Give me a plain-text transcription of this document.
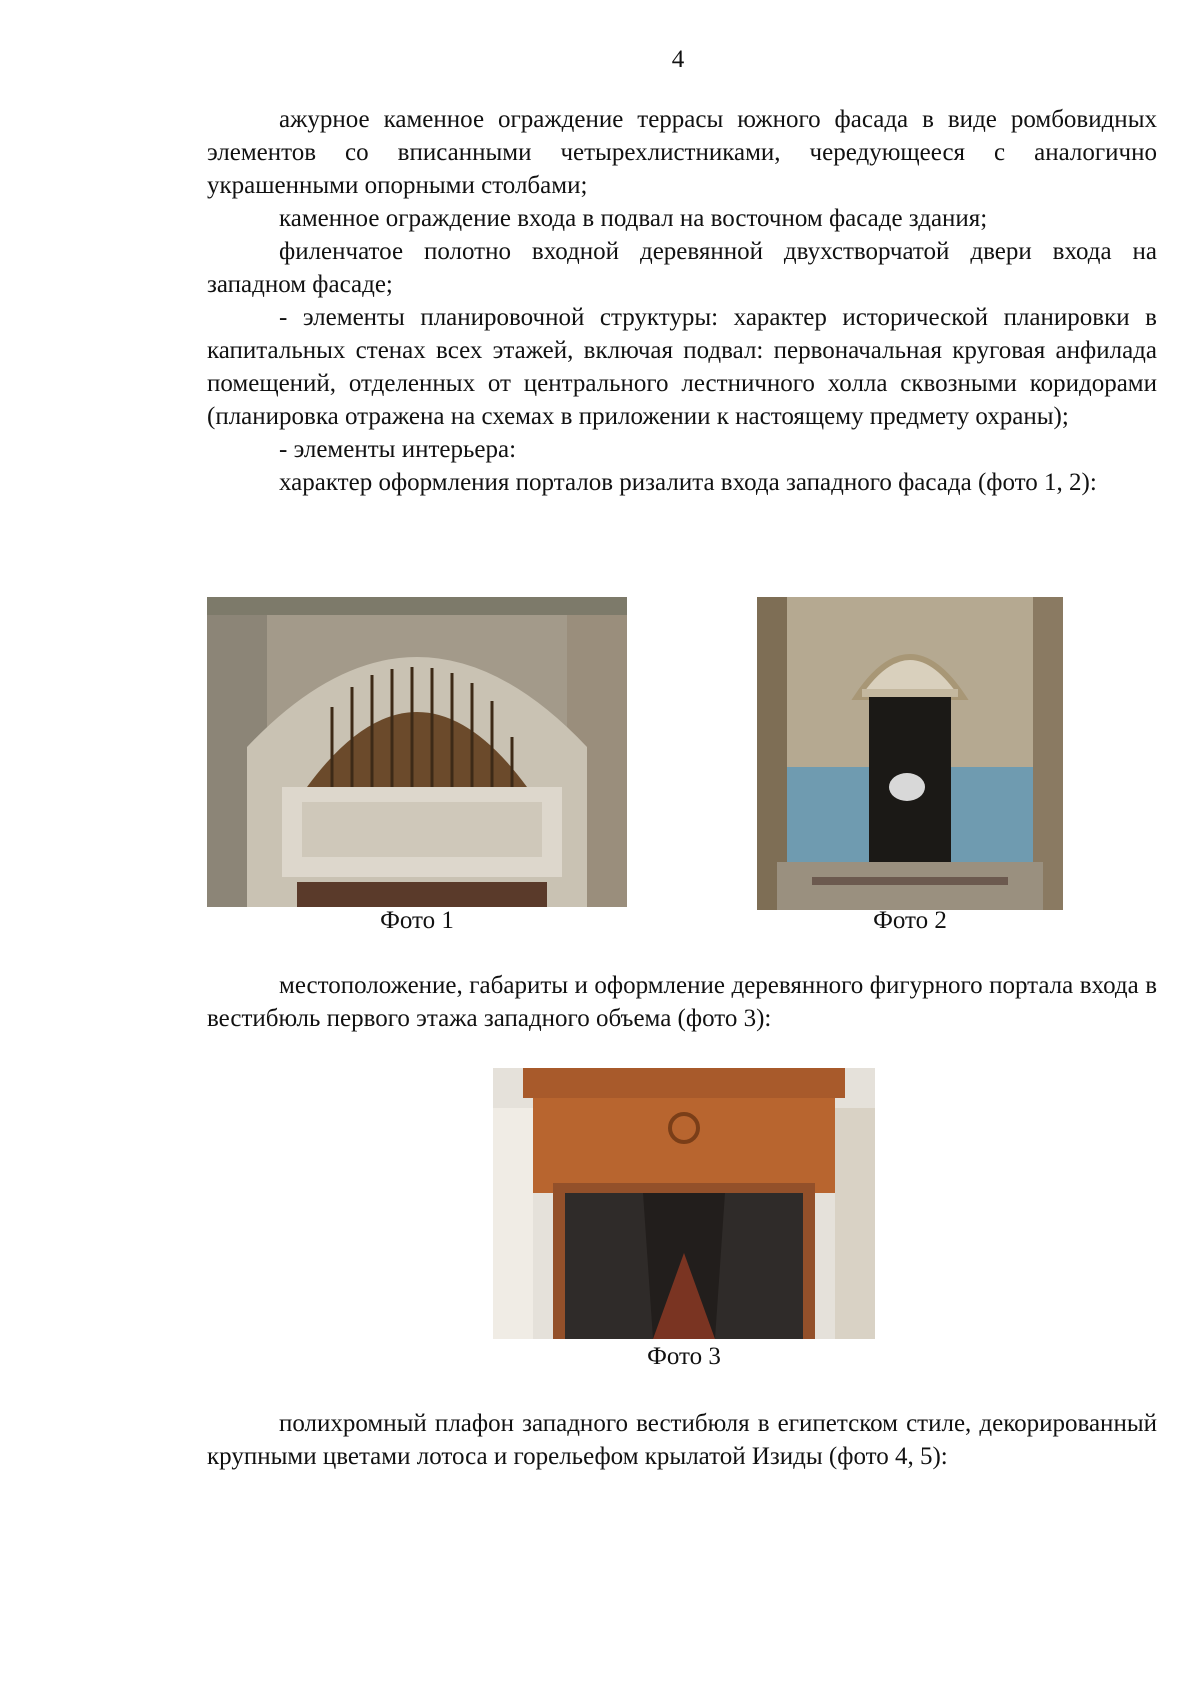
4

ажурное каменное ограждение террасы южного фасада в виде ромбовидных элементов со вписанными четырехлистниками, чередующееся с аналогично украшенными опорными столбами;

каменное ограждение входа в подвал на восточном фасаде здания;

филенчатое полотно входной деревянной двухстворчатой двери входа на западном фасаде;

- элементы планировочной структуры: характер исторической планировки в капитальных стенах всех этажей, включая подвал: первоначальная круговая анфилада помещений, отделенных от центрального лестничного холла сквозными коридорами (планировка отражена на схемах в приложении к настоящему предмету охраны);

- элементы интерьера:

характер оформления порталов ризалита входа западного фасада (фото 1, 2):

Фото 1	Фото 2

местоположение, габариты и оформление деревянного фигурного портала входа в вестибюль первого этажа западного объема (фото 3):

Фото 3

полихромный плафон западного вестибюля в египетском стиле, декорированный крупными цветами лотоса и горельефом крылатой Изиды (фото 4, 5):
